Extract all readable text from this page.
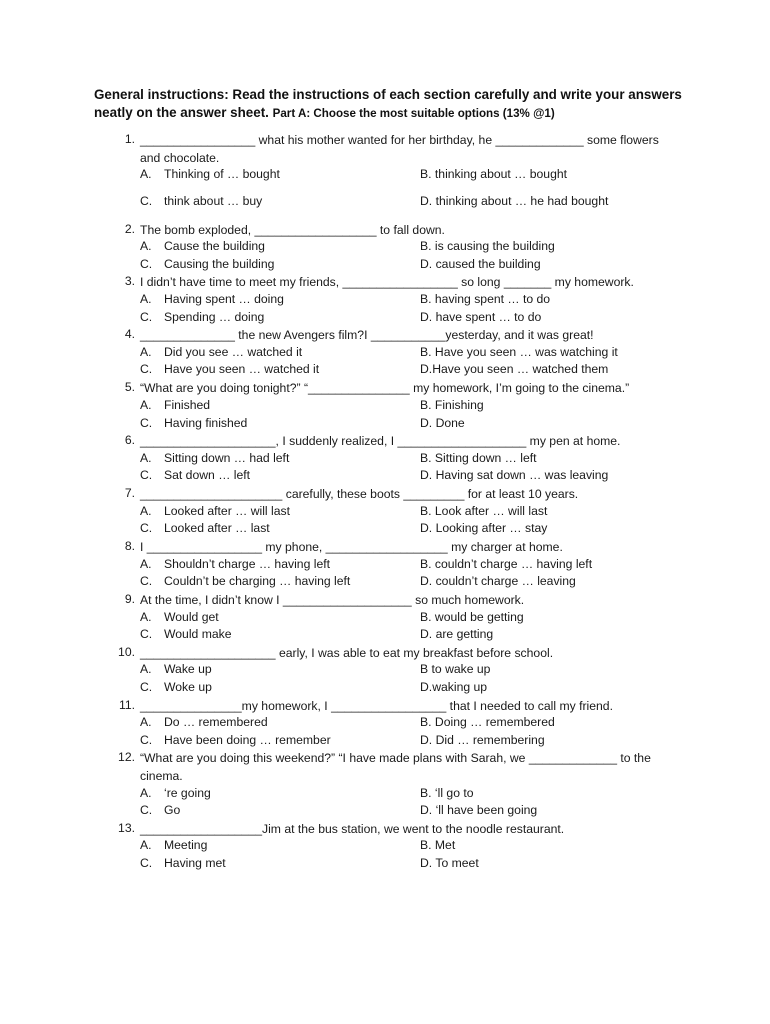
General instructions: Read the instructions of each section carefully and write your answers neatly on the answer sheet. Part A: Choose the most suitable options (13% @1)
1. _________________ what his mother wanted for her birthday, he _____________ some flowers and chocolate.
A. Thinking of … bought	B. thinking about … bought
C. think about … buy	D. thinking about … he had bought
2. The bomb exploded, __________________ to fall down.
A. Cause the building	B. is causing the building
C. Causing the building	D. caused the building
3. I didn’t have time to meet my friends, _________________ so long _______ my homework.
A. Having spent … doing	B. having spent … to do
C. Spending … doing	D. have spent … to do
4. ______________ the new Avengers film?I ___________yesterday, and it was great!
A. Did you see … watched it	B. Have you seen … was watching it
C. Have you seen … watched it	D.Have you seen … watched them
5. “What are you doing tonight?” “_______________ my homework, I’m going to the cinema.”
A. Finished	B. Finishing
C. Having finished	D. Done
6. ____________________, I suddenly realized, I ___________________ my pen at home.
A. Sitting down … had left	B. Sitting down … left
C. Sat down … left	D. Having sat down … was leaving
7. _____________________ carefully, these boots _________ for at least 10 years.
A. Looked after … will last	B. Look after … will last
C. Looked after … last	D. Looking after … stay
8. I _________________ my phone, __________________ my charger at home.
A. Shouldn’t charge … having left	B. couldn’t charge … having left
C. Couldn’t be charging … having left	D. couldn’t charge … leaving
9. At the time, I didn’t know I ___________________ so much homework.
A. Would get	B. would be getting
C. Would make	D. are getting
10. ____________________ early, I was able to eat my breakfast before school.
A. Wake up	B to wake up
C. Woke up	D.waking up
11. _______________my homework, I _________________ that I needed to call my friend.
A. Do … remembered	B. Doing … remembered
C. Have been doing … remember	D. Did … remembering
12. “What are you doing this weekend?” “I have made plans with Sarah, we _____________ to the cinema.
A. ‘re going	B. ‘ll go to
C. Go	D. ‘ll have been going
13. __________________Jim at the bus station, we went to the noodle restaurant.
A. Meeting	B. Met
C. Having met	D. To meet
